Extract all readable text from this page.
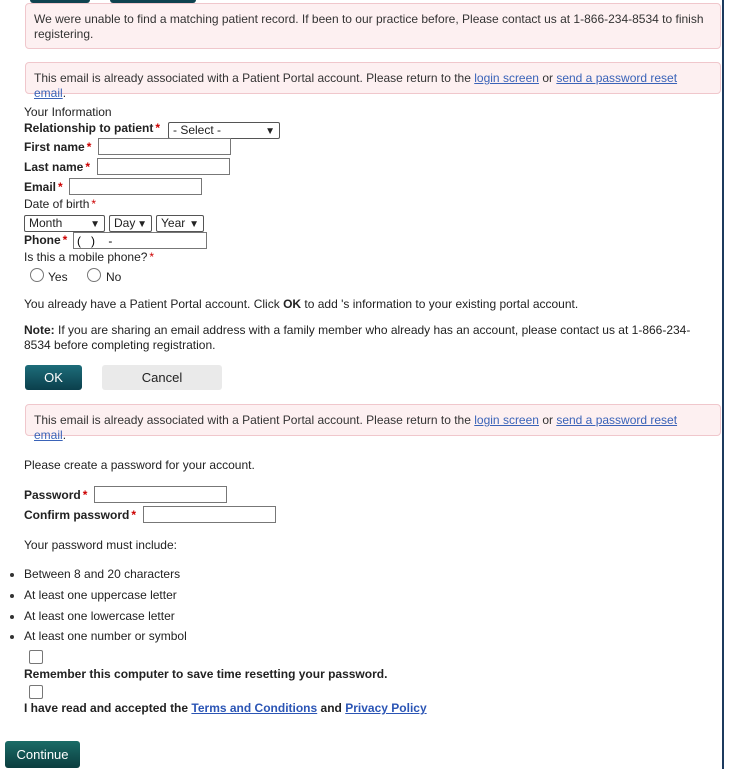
We were unable to find a matching patient record. If been to our practice before, Please contact us at 1-866-234-8534 to finish registering.
This email is already associated with a Patient Portal account. Please return to the login screen or send a password reset email.
Your Information
Relationship to patient *	- Select -	▼
First name *
Last name *
Email *
Date of birth *
Month	▼	Day ▼	Year ▼
Phone *
( ) -
Is this a mobile phone? *
Yes	No
You already have a Patient Portal account. Click OK to add 's information to your existing portal account.
Note: If you are sharing an email address with a family member who already has an account, please contact us at 1-866-234-8534 before completing registration.
OK	Cancel
This email is already associated with a Patient Portal account. Please return to the login screen or send a password reset email.
Please create a password for your account.
Password *
Confirm password *
Your password must include:
Between 8 and 20 characters
At least one uppercase letter
At least one lowercase letter
At least one number or symbol
Remember this computer to save time resetting your password.
I have read and accepted the Terms and Conditions and Privacy Policy
Continue
